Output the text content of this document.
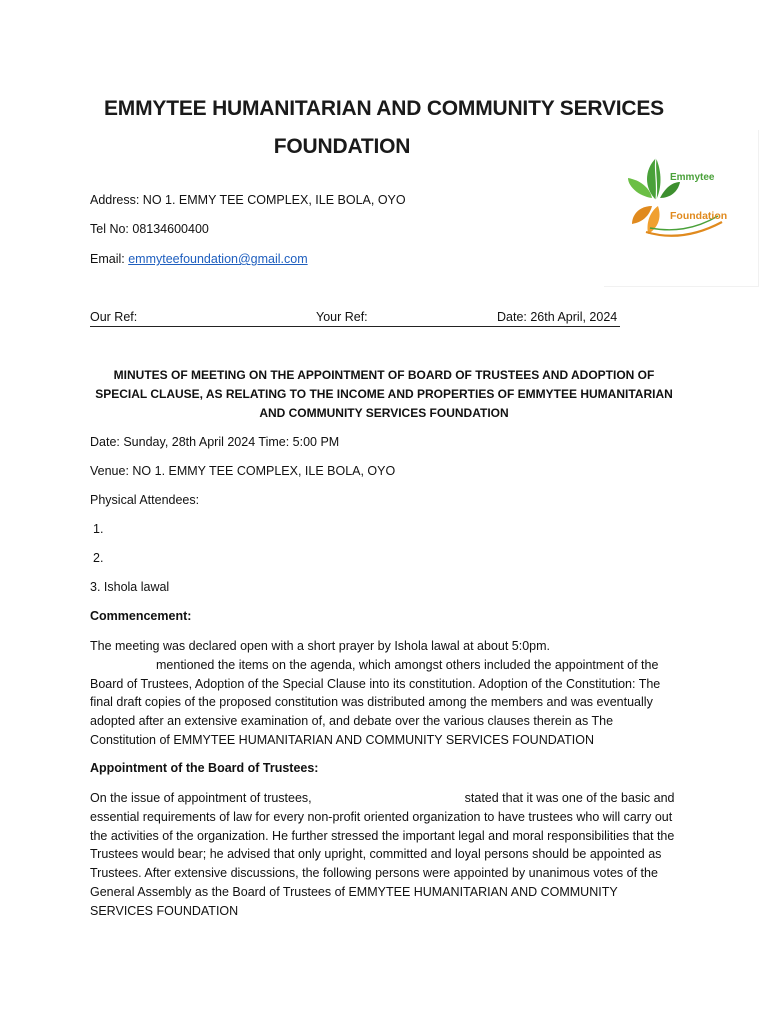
EMMYTEE HUMANITARIAN AND COMMUNITY SERVICES
FOUNDATION
Emmytee
Foundation
Address: NO 1. EMMY TEE COMPLEX, ILE BOLA, OYO
Tel No: 08134600400
Email: emmyteefoundation@gmail.com
Our Ref:	Your Ref:	Date: 26th April, 2024
MINUTES OF MEETING ON THE APPOINTMENT OF BOARD OF TRUSTEES AND ADOPTION OF SPECIAL CLAUSE, AS RELATING TO THE INCOME AND PROPERTIES OF EMMYTEE HUMANITARIAN AND COMMUNITY SERVICES FOUNDATION
Date: Sunday, 28th April 2024 Time: 5:00 PM
Venue: NO 1. EMMY TEE COMPLEX, ILE BOLA, OYO
Physical Attendees:
1.
2.
3. Ishola lawal
Commencement:
The meeting was declared open with a short prayer by Ishola lawal at about 5:0pm.
mentioned the items on the agenda, which amongst others included the appointment of the Board of Trustees, Adoption of the Special Clause into its constitution. Adoption of the Constitution: The final draft copies of the proposed constitution was distributed among the members and was eventually adopted after an extensive examination of, and debate over the various clauses therein as The Constitution of EMMYTEE HUMANITARIAN AND COMMUNITY SERVICES FOUNDATION
Appointment of the Board of Trustees:
On the issue of appointment of trustees,	stated that it was one of the basic and essential requirements of law for every non-profit oriented organization to have trustees who will carry out the activities of the organization. He further stressed the important legal and moral responsibilities that the Trustees would bear; he advised that only upright, committed and loyal persons should be appointed as Trustees. After extensive discussions, the following persons were appointed by unanimous votes of the General Assembly as the Board of Trustees of EMMYTEE HUMANITARIAN AND COMMUNITY SERVICES FOUNDATION
